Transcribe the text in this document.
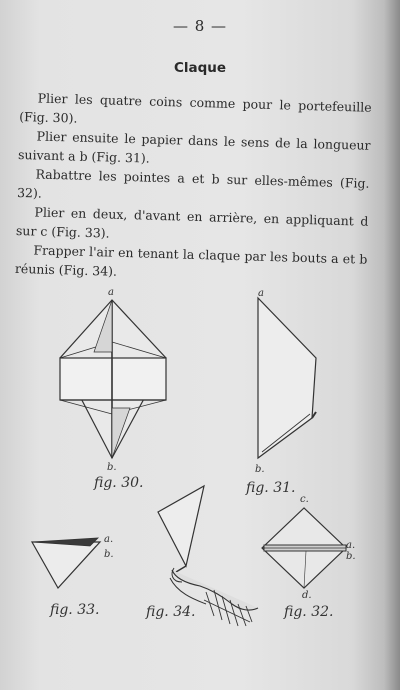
— 8 —
Claque

Plier les quatre coins comme pour le portefeuille (Fig. 30).

Plier ensuite le papier dans le sens de la longueur suivant a b (Fig. 31).

Rabattre les pointes a et b sur elles-mêmes (Fig. 32).

Plier en deux, d'avant en arrière, en appliquant d sur c (Fig. 33).

Frapper l'air en tenant la claque par les bouts a et b réunis (Fig. 34).

a
b.
a
b.
c.
a.
b.
d.
a.
b.
fig. 30.	fig. 31.
fig. 33.	fig. 34.	fig. 32.
